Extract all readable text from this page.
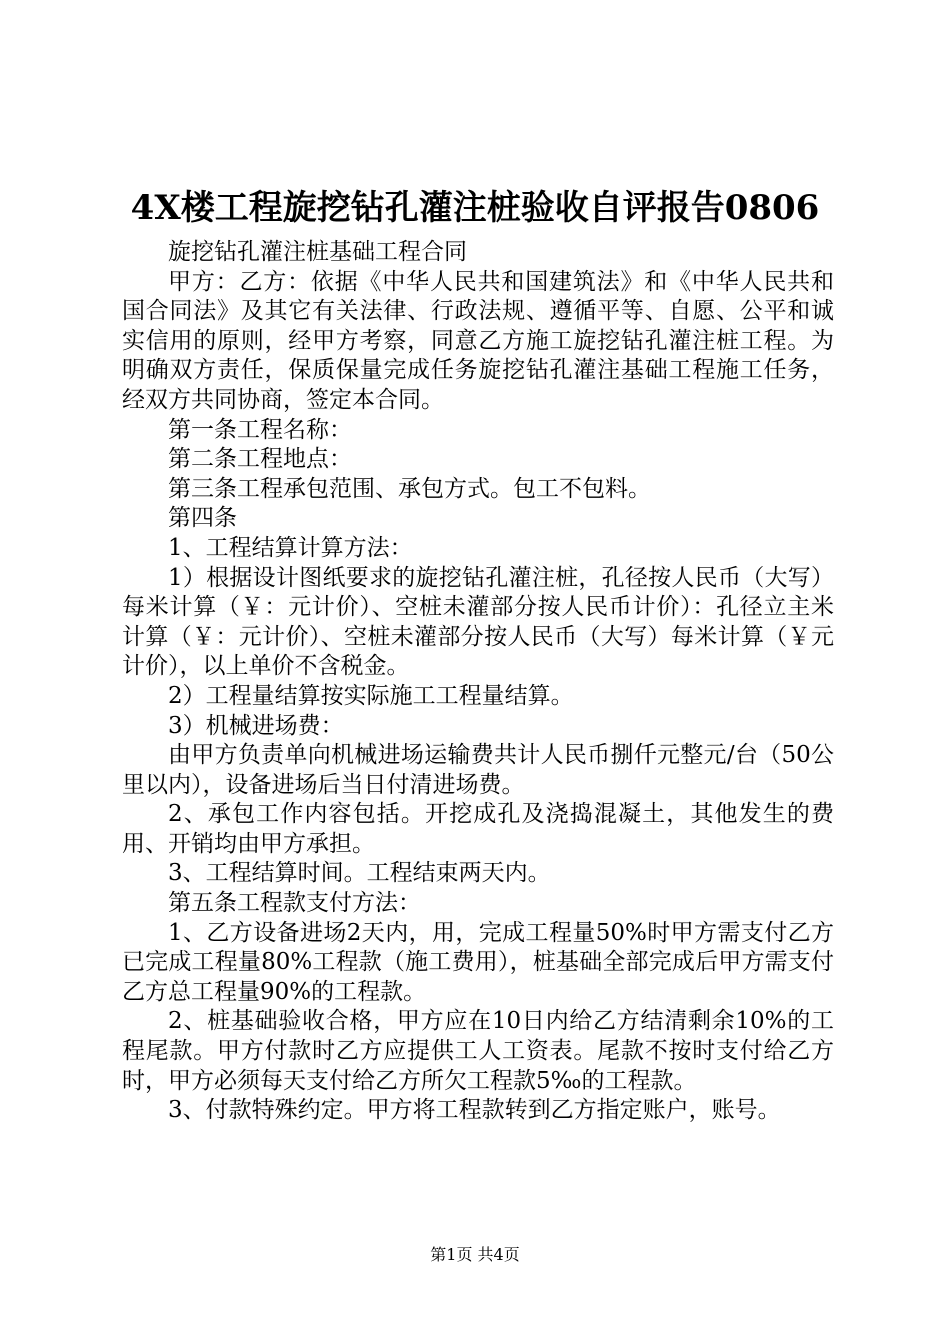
4X楼工程旋挖钻孔灌注桩验收自评报告0806

旋挖钻孔灌注桩基础工程合同

甲方：乙方：依据《中华人民共和国建筑法》和《中华人民共和国合同法》及其它有关法律、行政法规、遵循平等、自愿、公平和诚实信用的原则，经甲方考察，同意乙方施工旋挖钻孔灌注桩工程。为明确双方责任，保质保量完成任务旋挖钻孔灌注基础工程施工任务，经双方共同协商，签定本合同。

第一条工程名称：

第二条工程地点：

第三条工程承包范围、承包方式。包工不包料。

第四条

1、工程结算计算方法：

1）根据设计图纸要求的旋挖钻孔灌注桩，孔径按人民币（大写）每米计算（￥：元计价）、空桩未灌部分按人民币计价）：孔径立主米计算（￥：元计价）、空桩未灌部分按人民币（大写）每米计算（￥元计价），以上单价不含税金。

2）工程量结算按实际施工工程量结算。

3）机械进场费：

由甲方负责单向机械进场运输费共计人民币捌仟元整元/台（50公里以内），设备进场后当日付清进场费。

2、承包工作内容包括。开挖成孔及浇捣混凝土，其他发生的费用、开销均由甲方承担。

3、工程结算时间。工程结束两天内。

第五条工程款支付方法：

1、乙方设备进场2天内，用，完成工程量50%时甲方需支付乙方已完成工程量80%工程款（施工费用），桩基础全部完成后甲方需支付乙方总工程量90%的工程款。

2、桩基础验收合格，甲方应在10日内给乙方结清剩余10%的工程尾款。甲方付款时乙方应提供工人工资表。尾款不按时支付给乙方时，甲方必须每天支付给乙方所欠工程款5‰的工程款。

3、付款特殊约定。甲方将工程款转到乙方指定账户，账号。

第1页 共4页
